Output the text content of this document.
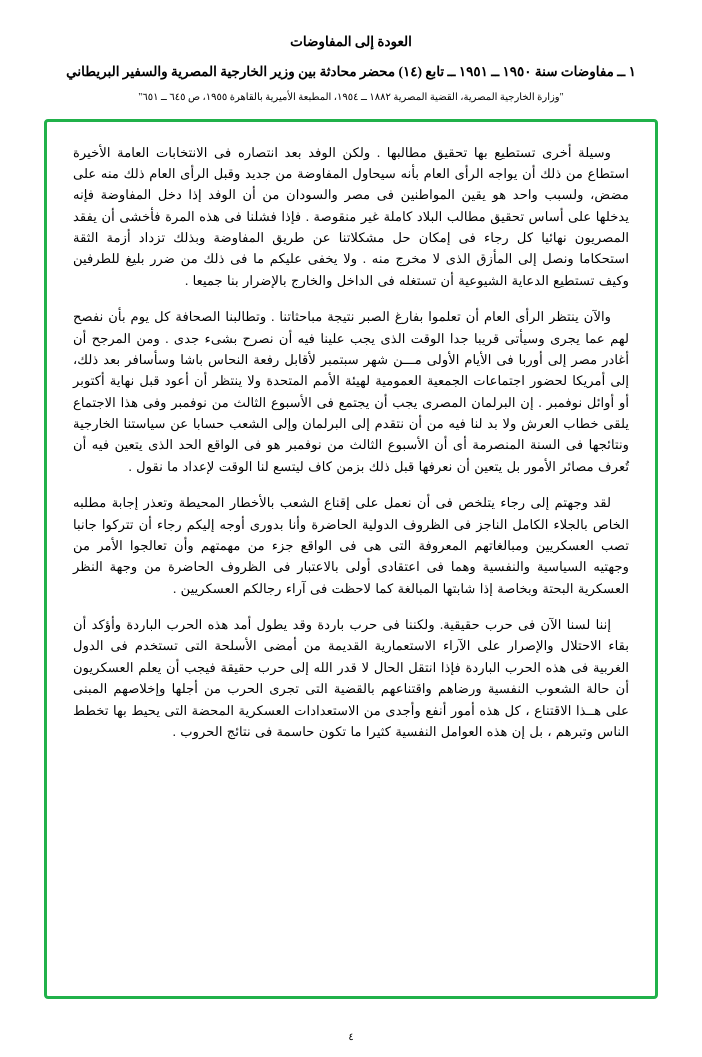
العودة إلى المفاوضات
١ ــ مفاوضات سنة ١٩٥٠ ــ ١٩٥١ ــ تابع (١٤) محضر محادثة بين وزير الخارجية المصرية والسفير البريطاني
"وزارة الخارجية المصرية، القضية المصرية ١٨٨٢ ــ ١٩٥٤، المطبعة الأميرية بالقاهرة ١٩٥٥، ص ٦٤٥ ــ ٦٥١"

وسيلة أخرى تستطيع بها تحقيق مطالبها . ولكن الوفد بعد انتصاره فى الانتخابات العامة الأخيرة استطاع من ذلك أن يواجه الرأى العام بأنه سيحاول المفاوضة من جديد وقبل الرأى العام ذلك منه على مضض، ولسبب واحد هو يقين المواطنين فى مصر والسودان من أن الوفد إذا دخل المفاوضة فإنه يدخلها على أساس تحقيق مطالب البلاد كاملة غير منقوصة . فإذا فشلنا فى هذه المرة فأخشى أن يفقد المصريون نهائيا كل رجاء فى إمكان حل مشكلاتنا عن طريق المفاوضة وبذلك تزداد أزمة الثقة استحكاما ونصل إلى المأزق الذى لا مخرج منه . ولا يخفى عليكم ما فى ذلك من ضرر بليغ للطرفين وكيف تستطيع الدعاية الشيوعية أن تستغله فى الداخل والخارج بالإضرار بنا جميعا .

والآن ينتظر الرأى العام أن تعلموا بفارغ الصبر نتيجة مباحثاتنا . وتطالبنا الصحافة كل يوم بأن نفصح لهم عما يجرى وسيأتى قريبا جدا الوقت الذى يجب علينا فيه أن نصرح بشىء جدى . ومن المرجح أن أغادر مصر إلى أوربا فى الأيام الأولى مـــن شهر سبتمبر لأقابل رفعة النحاس باشا وسأسافر بعد ذلك، إلى أمريكا لحضور اجتماعات الجمعية العمومية لهيئة الأمم المتحدة ولا ينتظر أن أعود قبل نهاية أكتوبر أو أوائل نوفمبر . إن البرلمان المصرى يجب أن يجتمع فى الأسبوع الثالث من نوفمبر وفى هذا الاجتماع يلقى خطاب العرش ولا بد لنا فيه من أن نتقدم إلى البرلمان وإلى الشعب حسابا عن سياستنا الخارجية ونتائجها فى السنة المنصرمة أى أن الأسبوع الثالث من نوفمبر هو فى الواقع الحد الذى يتعين فيه أن تُعرف مصائر الأمور بل يتعين أن نعرفها قبل ذلك بزمن كاف ليتسع لنا الوقت لإعداد ما نقول .

لقد وجهتم إلى رجاء يتلخص فى أن نعمل على إقناع الشعب بالأخطار المحيطة وتعذر إجابة مطلبه الخاص بالجلاء الكامل الناجز فى الظروف الدولية الحاضرة وأنا بدورى أوجه إليكم رجاء أن تتركوا جانبا تصب العسكريين ومبالغاتهم المعروفة التى هى فى الواقع جزء من مهمتهم وأن تعالجوا الأمر من وجهتيه السياسية والنفسية وهما فى اعتقادى أولى بالاعتبار فى الظروف الحاضرة من وجهة النظر العسكرية البحتة وبخاصة إذا شابتها المبالغة كما لاحظت فى آراء رجالكم العسكريين .

إننا لسنا الآن فى حرب حقيقية. ولكننا فى حرب باردة وقد يطول أمد هذه الحرب الباردة وأؤكد أن بقاء الاحتلال والإصرار على الآراء الاستعمارية القديمة من أمضى الأسلحة التى تستخدم فى الدول الغربية فى هذه الحرب الباردة فإذا انتقل الحال لا قدر الله إلى حرب حقيقة فيجب أن يعلم العسكريون أن حالة الشعوب النفسية ورضاهم واقتناعهم بالقضية التى تجرى الحرب من أجلها وإخلاصهم المبنى على هــذا الاقتناع ، كل هذه أمور أنفع وأجدى من الاستعدادات العسكرية المحضة التى يحيط بها تخطط الناس وتبرهم ، بل إن هذه العوامل النفسية كثيرا ما تكون حاسمة فى نتائج الحروب .

٤
